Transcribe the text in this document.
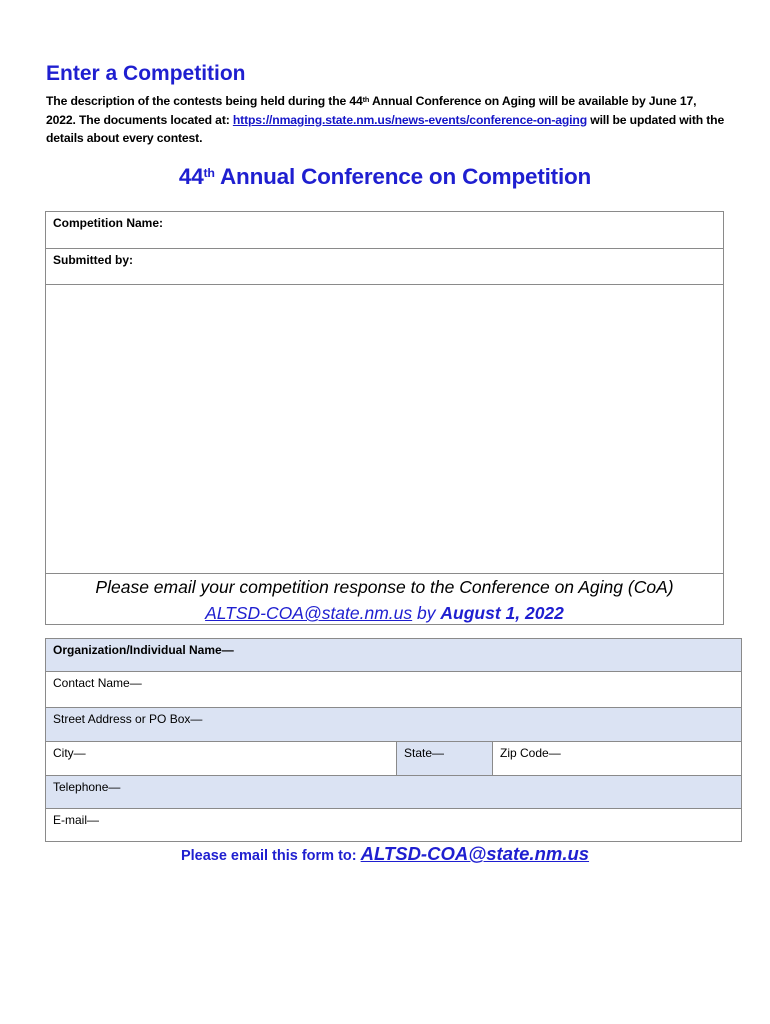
Enter a Competition
The description of the contests being held during the 44th Annual Conference on Aging will be available by June 17, 2022. The documents located at: https://nmaging.state.nm.us/news-events/conference-on-aging will be updated with the details about every contest.
44th Annual Conference on Competition
Competition Name:
Submitted by:
Please email your competition response to the Conference on Aging (CoA)
ALTSD-COA@state.nm.us by August 1, 2022
Organization/Individual Name—
Contact Name—
Street Address or PO Box—
City—	State—	Zip Code—
Telephone—
E-mail—
Please email this form to: ALTSD-COA@state.nm.us
